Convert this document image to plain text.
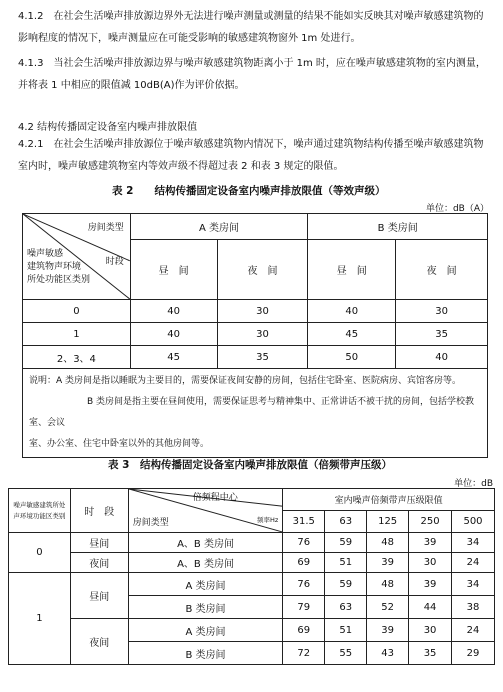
4.1.2　在社会生活噪声排放源边界外无法进行噪声测量或测量的结果不能如实反映其对噪声敏感建筑物的影响程度的情况下，噪声测量应在可能受影响的敏感建筑物窗外 1m 处进行。
4.1.3　当社会生活噪声排放源边界与噪声敏感建筑物距离小于 1m 时，应在噪声敏感建筑物的室内测量，并将表 1 中相应的限值减 10dB(A)作为评价依据。
4.2 结构传播固定设备室内噪声排放限值
4.2.1　在社会生活噪声排放源位于噪声敏感建筑物内情况下，噪声通过建筑物结构传播至噪声敏感建筑物室内时，噪声敏感建筑物室内等效声级不得超过表 2 和表 3 规定的限值。
表 2　　结构传播固定设备室内噪声排放限值（等效声级）
单位：dB（A）
房间类型
时段
噪声敏感
建筑物声环境
所处功能区类别	A 类房间		B 类房间	
	昼　间	夜　间	昼　间	夜　间
0	40	30	40	30
1	40	30	45	35
2、3、4	45	35	50	40

说明：A 类房间是指以睡眠为主要目的，需要保证夜间安静的房间，包括住宅卧室、医院病房、宾馆客房等。

B 类房间是指主要在昼间使用，需要保证思考与精神集中、正常讲话不被干扰的房间，包括学校教室、会议

室、办公室、住宅中卧室以外的其他房间等。				

表 3　结构传播固定设备室内噪声排放限值（倍频带声压级）
单位：dB
噪声敏感建筑所处声环境功能区类别	时　段	倍频程中心
频率Hz
房间类型	室内噪声倍频带声压级限值				
			31.5	63	125	250	500
0	昼间	A、B 类房间	76	59	48	39	34
	夜间	A、B 类房间	69	51	39	30	24
1	昼间	A 类房间	76	59	48	39	34
		B 类房间	79	63	52	44	38
	夜间	A 类房间	69	51	39	30	24
		B 类房间	72	55	43	35	29
